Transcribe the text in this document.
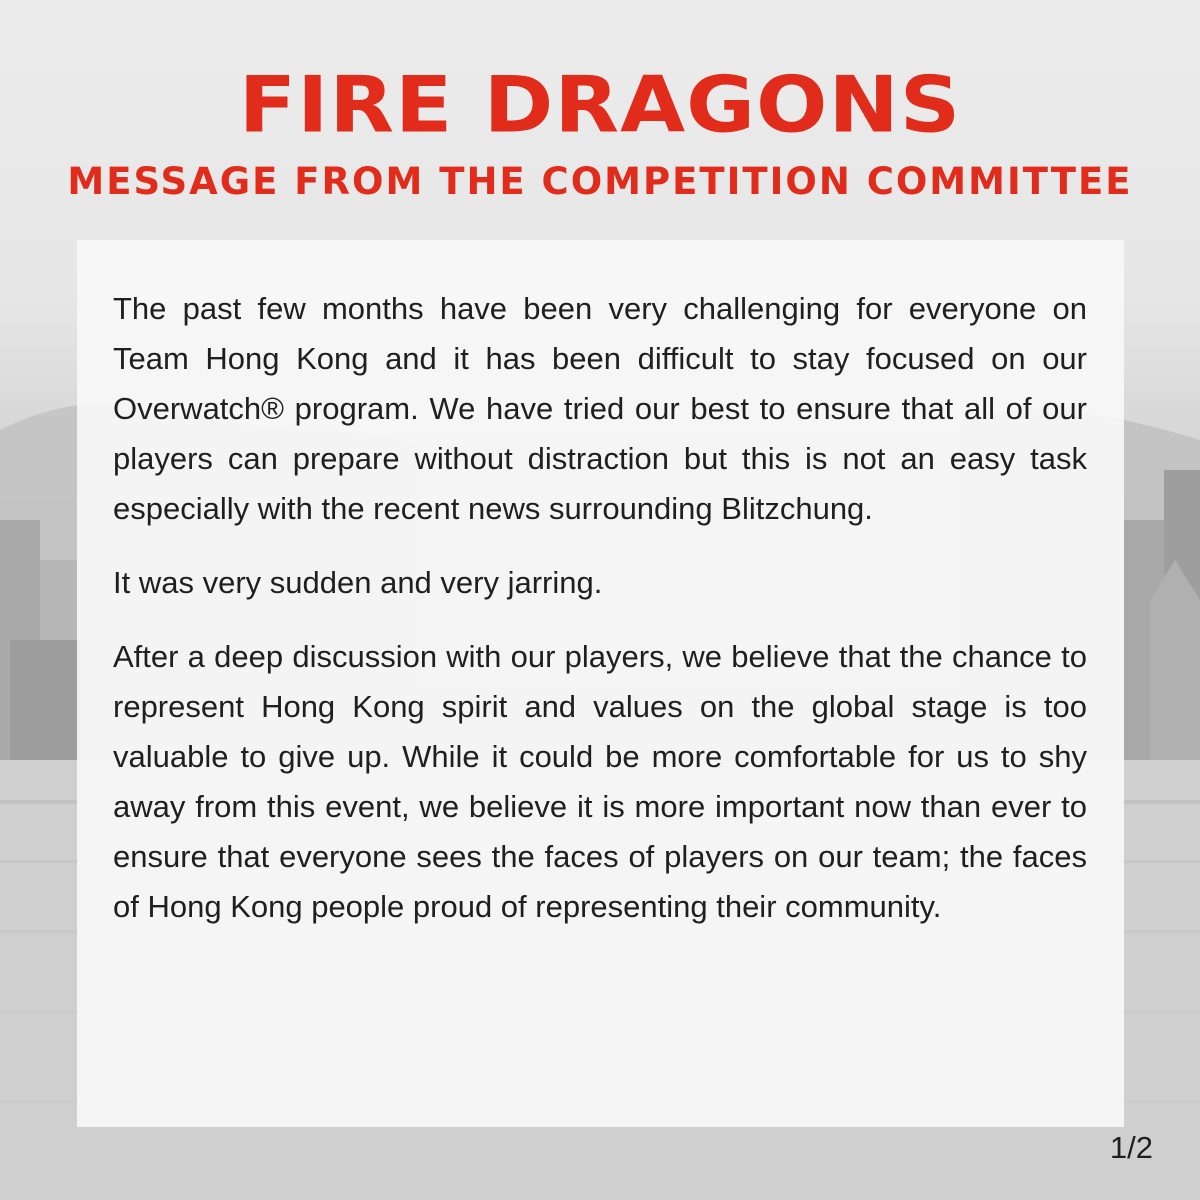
FIRE DRAGONS
MESSAGE FROM THE COMPETITION COMMITTEE

The past few months have been very challenging for everyone on Team Hong Kong and it has been difficult to stay focused on our Overwatch® program. We have tried our best to ensure that all of our players can prepare without distraction but this is not an easy task especially with the recent news surrounding Blitzchung.

It was very sudden and very jarring.

After a deep discussion with our players, we believe that the chance to represent Hong Kong spirit and values on the global stage is too valuable to give up. While it could be more comfortable for us to shy away from this event, we believe it is more important now than ever to ensure that everyone sees the faces of players on our team; the faces of Hong Kong people proud of representing their community.

1/2
